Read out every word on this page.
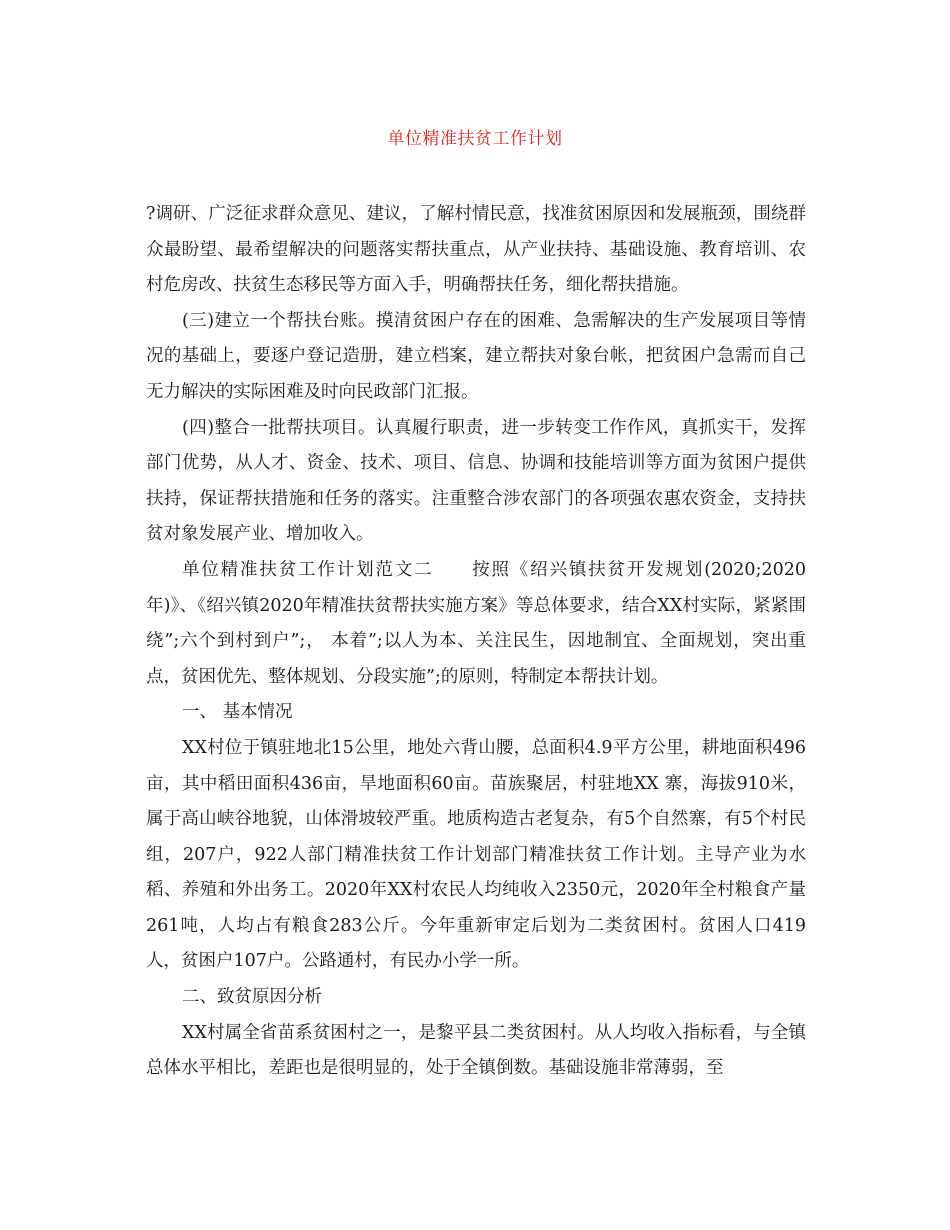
单位精准扶贫工作计划

?调研、广泛征求群众意见、建议，了解村情民意，找准贫困原因和发展瓶颈，围绕群众最盼望、最希望解决的问题落实帮扶重点，从产业扶持、基础设施、教育培训、农村危房改、扶贫生态移民等方面入手，明确帮扶任务，细化帮扶措施。

(三)建立一个帮扶台账。摸清贫困户存在的困难、急需解决的生产发展项目等情况的基础上，要逐户登记造册，建立档案，建立帮扶对象台帐，把贫困户急需而自己无力解决的实际困难及时向民政部门汇报。

(四)整合一批帮扶项目。认真履行职责，进一步转变工作作风，真抓实干，发挥部门优势，从人才、资金、技术、项目、信息、协调和技能培训等方面为贫困户提供扶持，保证帮扶措施和任务的落实。注重整合涉农部门的各项强农惠农资金，支持扶贫对象发展产业、增加收入。

单位精准扶贫工作计划范文二　　按照《绍兴镇扶贫开发规划(2020;2020年)》、《绍兴镇2020年精准扶贫帮扶实施方案》等总体要求，结合XX村实际，紧紧围绕”;六个到村到户”;， 本着”;以人为本、关注民生，因地制宜、全面规划，突出重点，贫困优先、整体规划、分段实施”;的原则，特制定本帮扶计划。

一、 基本情况

XX村位于镇驻地北15公里，地处六背山腰，总面积4.9平方公里，耕地面积496亩，其中稻田面积436亩，旱地面积60亩。苗族聚居，村驻地XX 寨，海拔910米，属于高山峡谷地貌，山体滑坡较严重。地质构造古老复杂，有5个自然寨，有5个村民组，207户，922人部门精准扶贫工作计划部门精准扶贫工作计划。主导产业为水稻、养殖和外出务工。2020年XX村农民人均纯收入2350元，2020年全村粮食产量261吨，人均占有粮食283公斤。今年重新审定后划为二类贫困村。贫困人口419人，贫困户107户。公路通村，有民办小学一所。

二、致贫原因分析

XX村属全省苗系贫困村之一，是黎平县二类贫困村。从人均收入指标看，与全镇总体水平相比，差距也是很明显的，处于全镇倒数。基础设施非常薄弱，至
